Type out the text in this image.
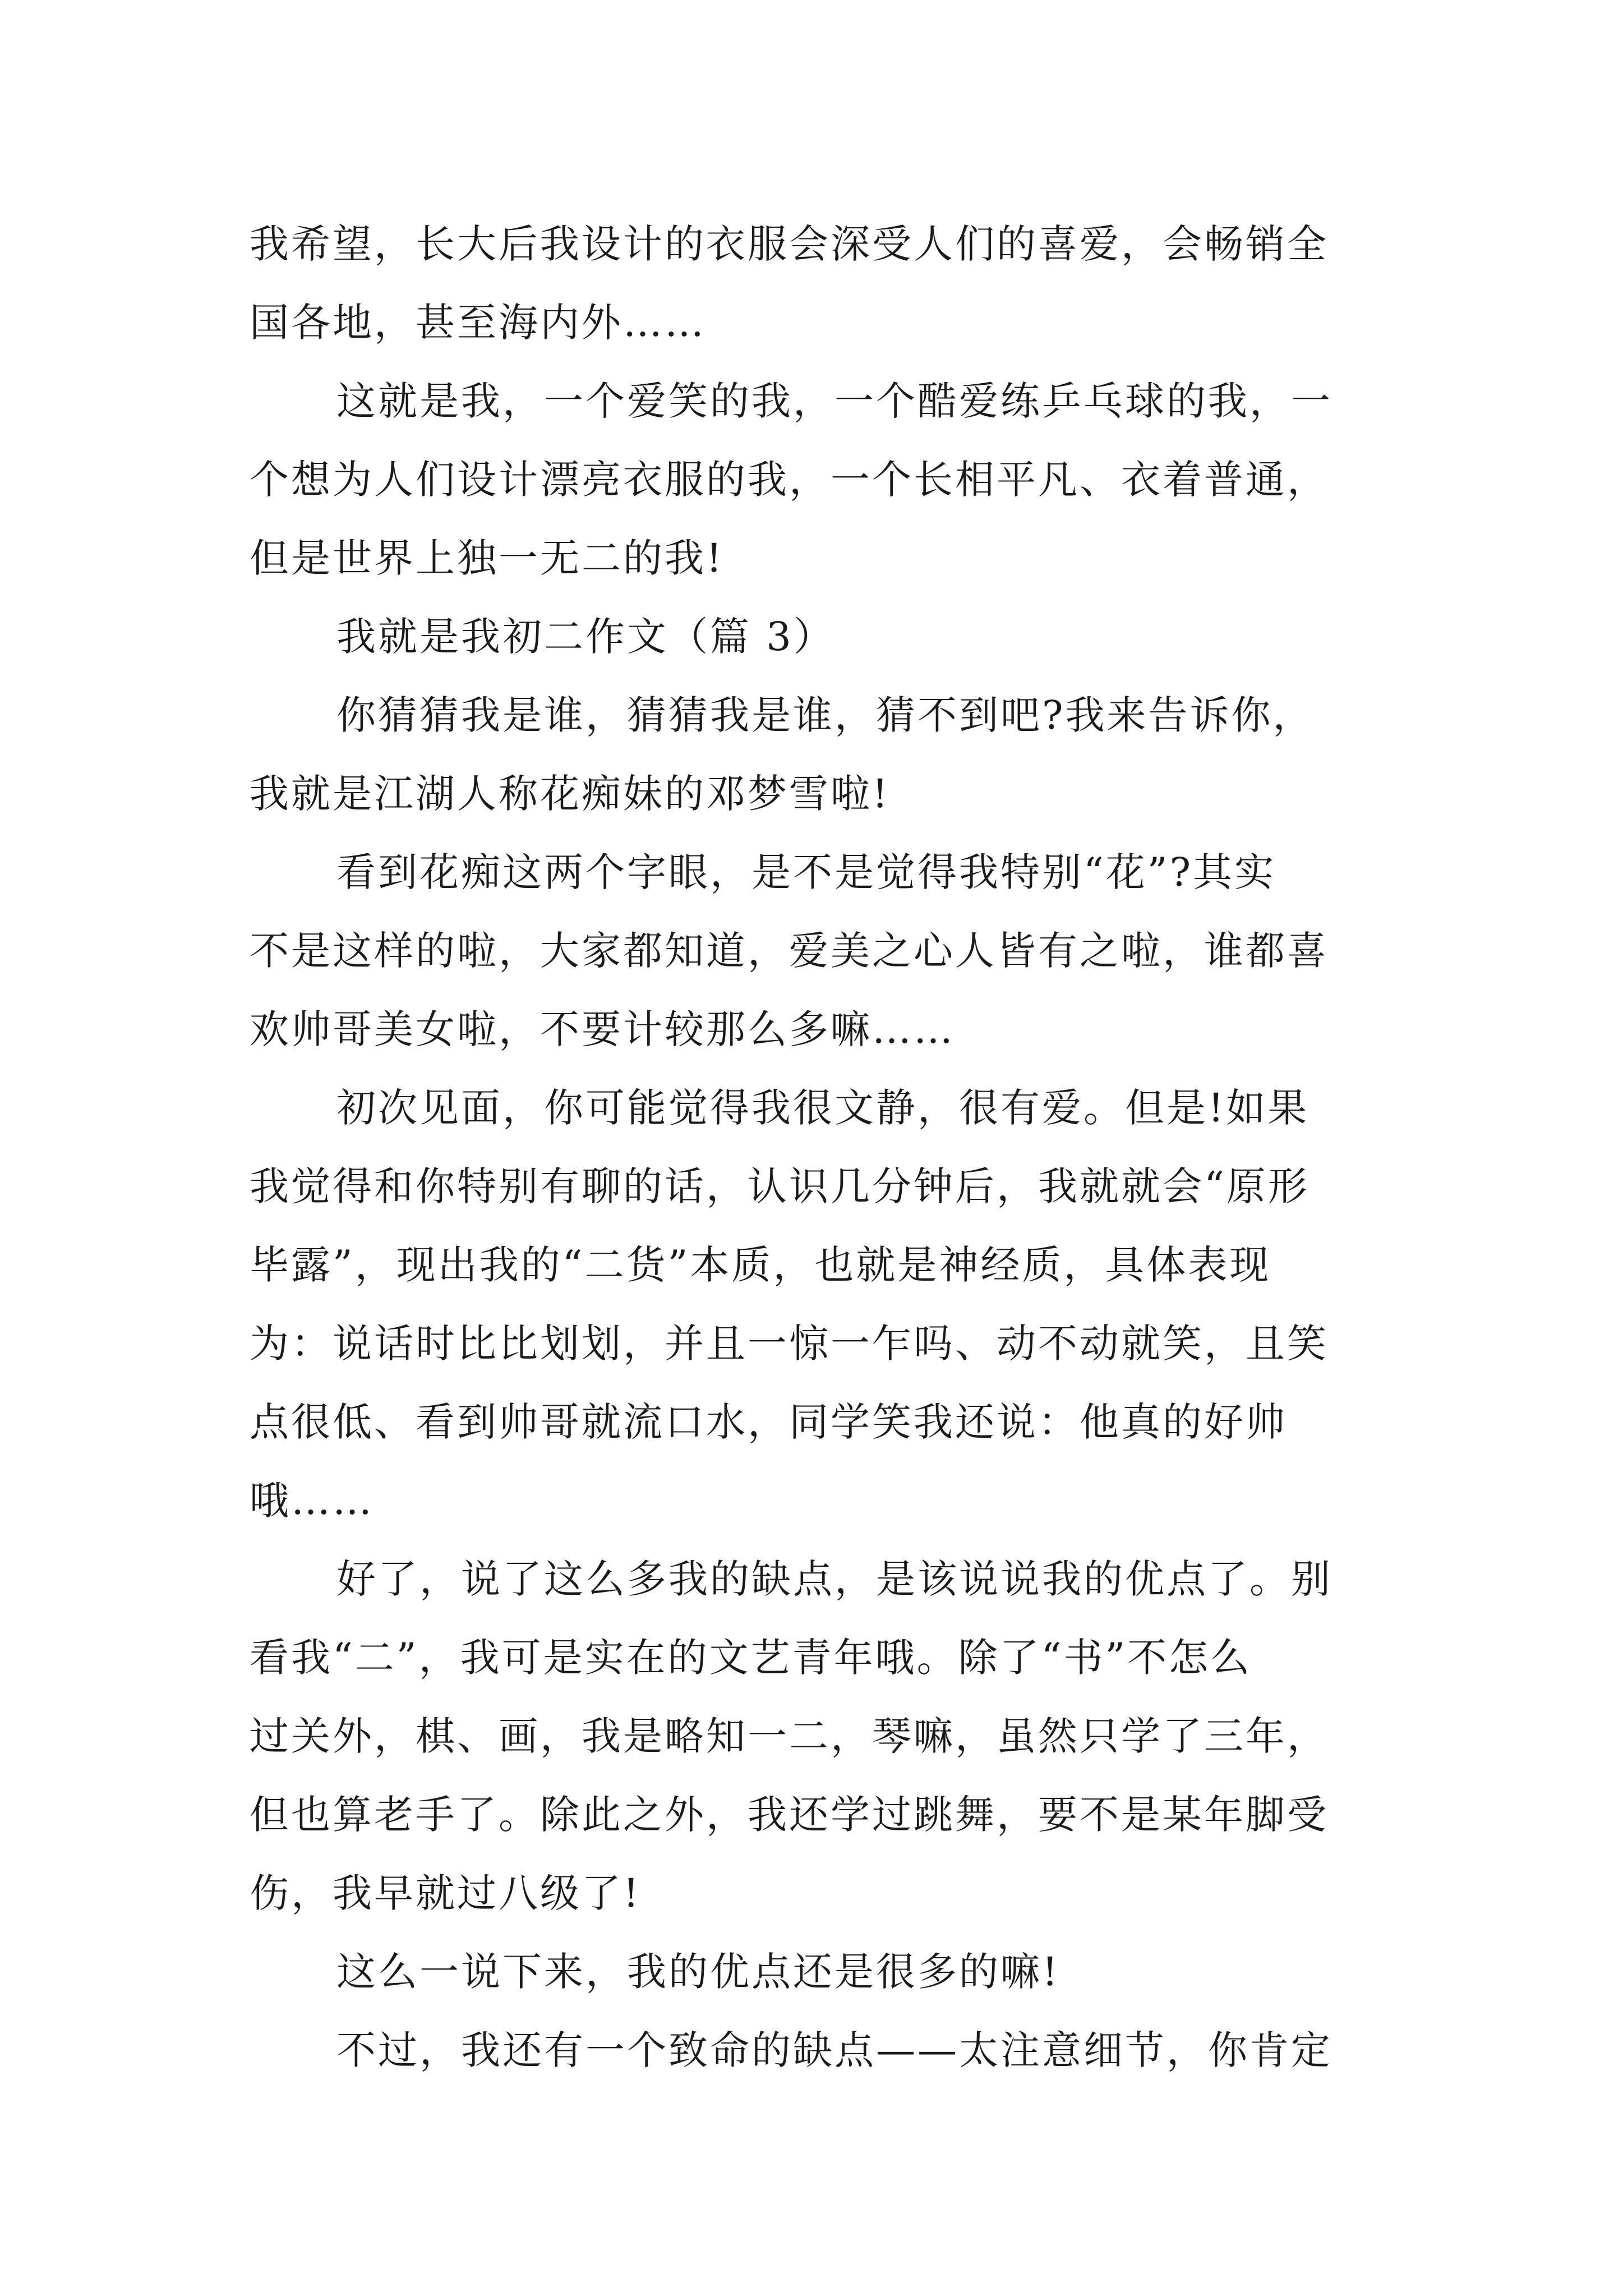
我希望，长大后我设计的衣服会深受人们的喜爱，会畅销全
国各地，甚至海内外……
这就是我，一个爱笑的我，一个酷爱练乒乓球的我，一
个想为人们设计漂亮衣服的我，一个长相平凡、衣着普通，
但是世界上独一无二的我!
我就是我初二作文（篇 3）
你猜猜我是谁，猜猜我是谁，猜不到吧?我来告诉你，
我就是江湖人称花痴妹的邓梦雪啦!
看到花痴这两个字眼，是不是觉得我特别“花”?其实
不是这样的啦，大家都知道，爱美之心人皆有之啦，谁都喜
欢帅哥美女啦，不要计较那么多嘛……
初次见面，你可能觉得我很文静，很有爱。但是!如果
我觉得和你特别有聊的话，认识几分钟后，我就就会“原形
毕露”，现出我的“二货”本质，也就是神经质，具体表现
为：说话时比比划划，并且一惊一乍吗、动不动就笑，且笑
点很低、看到帅哥就流口水，同学笑我还说：他真的好帅
哦……
好了，说了这么多我的缺点，是该说说我的优点了。别
看我“二”，我可是实在的文艺青年哦。除了“书”不怎么
过关外，棋、画，我是略知一二，琴嘛，虽然只学了三年，
但也算老手了。除此之外，我还学过跳舞，要不是某年脚受
伤，我早就过八级了!
这么一说下来，我的优点还是很多的嘛!
不过，我还有一个致命的缺点——太注意细节，你肯定
